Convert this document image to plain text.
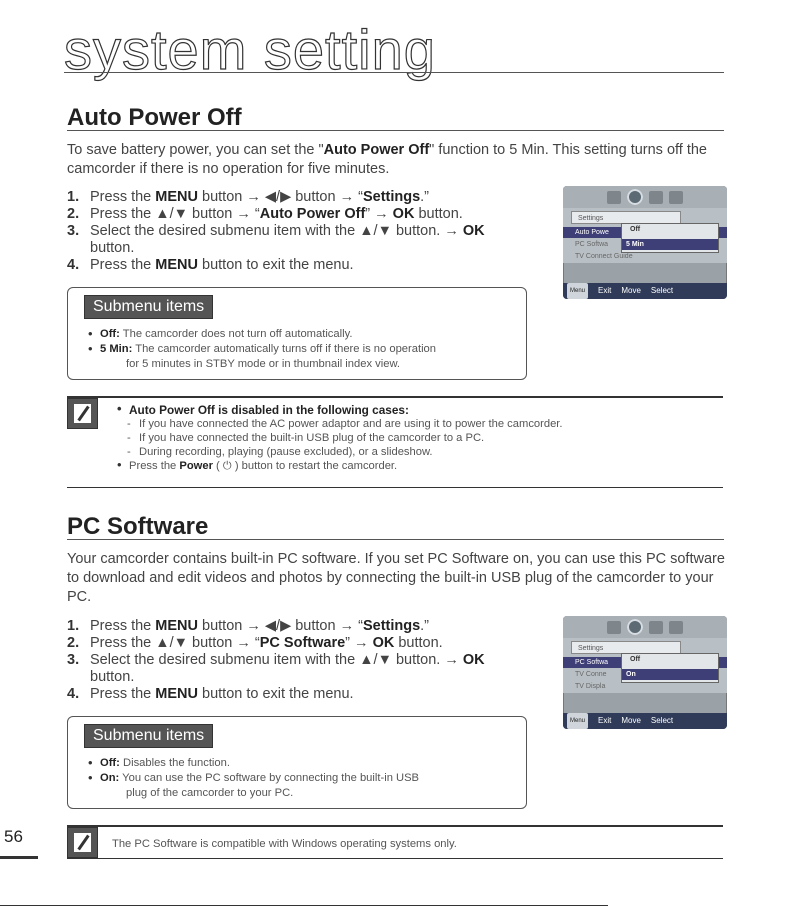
system setting
Auto Power Off
To save battery power, you can set the "Auto Power Off" function to 5 Min. This setting turns off the camcorder if there is no operation for five minutes.
1. Press the MENU button → ◀/▶ button → “Settings.”
2. Press the ▲/▼ button → “Auto Power Off” → OK button.
3. Select the desired submenu item with the ▲/▼ button. → OK button.
4. Press the MENU button to exit the menu.
Settings
Auto Powe
PC Softwa
TV Connect Guide
Off
5 Min
Menu	Exit Move Select
Submenu items
• Off: The camcorder does not turn off automatically.
• 5 Min: The camcorder automatically turns off if there is no operation
for 5 minutes in STBY mode or in thumbnail index view.
• Auto Power Off is disabled in the following cases:
- If you have connected the AC power adaptor and are using it to power the camcorder.
- If you have connected the built-in USB plug of the camcorder to a PC.
- During recording, playing (pause excluded), or a slideshow.
• Press the Power ( ⏻ ) button to restart the camcorder.
PC Software
Your camcorder contains built-in PC software. If you set PC Software on, you can use this PC software to download and edit videos and photos by connecting the built-in USB plug of the camcorder to your PC.
1. Press the MENU button → ◀/▶ button → “Settings.”
2. Press the ▲/▼ button → “PC Software” → OK button.
3. Select the desired submenu item with the ▲/▼ button. → OK button.
4. Press the MENU button to exit the menu.
Settings
PC Softwa
TV Conne
TV Displa
Off
On
Menu	Exit Move Select
Submenu items
• Off: Disables the function.
• On: You can use the PC software by connecting the built-in USB
plug of the camcorder to your PC.
The PC Software is compatible with Windows operating systems only.
56
